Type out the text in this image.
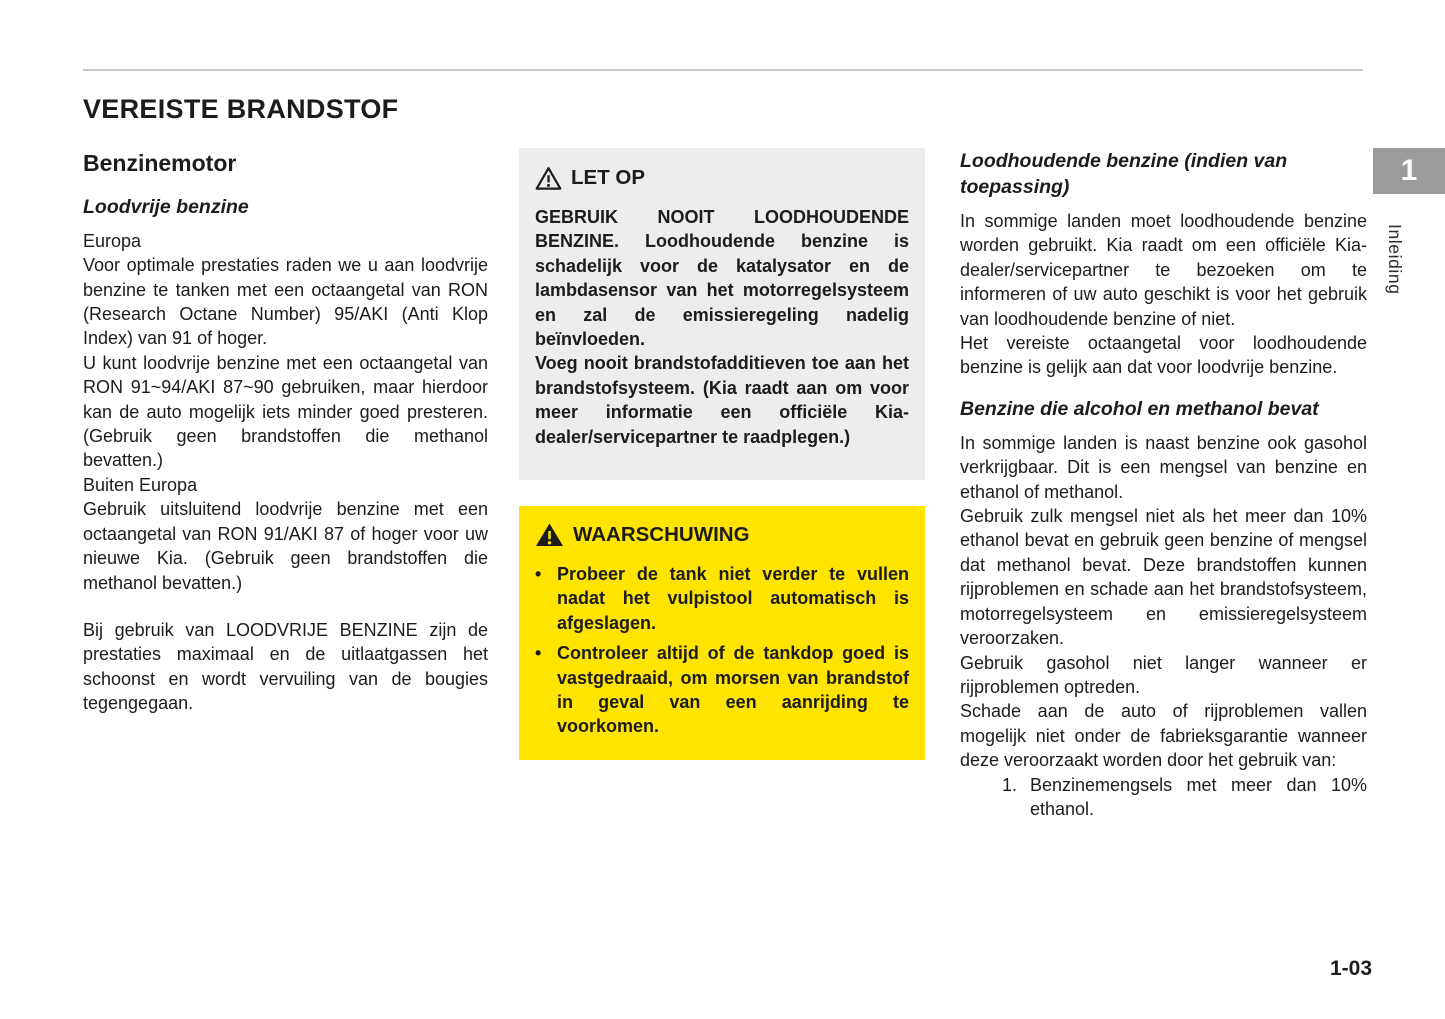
VEREISTE BRANDSTOF
Benzinemotor
Loodvrije benzine

Europa

Voor optimale prestaties raden we u aan loodvrije benzine te tanken met een octaangetal van RON (Research Octane Number) 95/AKI (Anti Klop Index) van 91 of hoger.

U kunt loodvrije benzine met een octaangetal van RON 91~94/AKI 87~90 gebruiken, maar hierdoor kan de auto mogelijk iets minder goed presteren. (Gebruik geen brandstoffen die methanol bevatten.)

Buiten Europa

Gebruik uitsluitend loodvrije benzine met een octaangetal van RON 91/AKI 87 of hoger voor uw nieuwe Kia. (Gebruik geen brandstoffen die methanol bevatten.)

Bij gebruik van LOODVRIJE BENZINE zijn de prestaties maximaal en de uitlaatgassen het schoonst en wordt vervuiling van de bougies tegengegaan.

LET OP

GEBRUIK NOOIT LOODHOUDENDE BENZINE. Loodhoudende benzine is schadelijk voor de katalysator en de lambdasensor van het motorregelsysteem en zal de emissieregeling nadelig beïnvloeden.

Voeg nooit brandstofadditieven toe aan het brandstofsysteem. (Kia raadt aan om voor meer informatie een officiële Kia-dealer/servicepartner te raadplegen.)

WAARSCHUWING
• Probeer de tank niet verder te vullen nadat het vulpistool automatisch is afgeslagen.
• Controleer altijd of de tankdop goed is vastgedraaid, om morsen van brandstof in geval van een aanrijding te voorkomen.
Loodhoudende benzine (indien van toepassing)

In sommige landen moet loodhoudende benzine worden gebruikt. Kia raadt om een officiële Kia-dealer/servicepartner te bezoeken om te informeren of uw auto geschikt is voor het gebruik van loodhoudende benzine of niet.

Het vereiste octaangetal voor loodhoudende benzine is gelijk aan dat voor loodvrije benzine.

Benzine die alcohol en methanol bevat

In sommige landen is naast benzine ook gasohol verkrijgbaar. Dit is een mengsel van benzine en ethanol of methanol.

Gebruik zulk mengsel niet als het meer dan 10% ethanol bevat en gebruik geen benzine of mengsel dat methanol bevat. Deze brandstoffen kunnen rijproblemen en schade aan het brandstofsysteem, motorregelsysteem en emissieregelsysteem veroorzaken.

Gebruik gasohol niet langer wanneer er rijproblemen optreden.

Schade aan de auto of rijproblemen vallen mogelijk niet onder de fabrieksgarantie wanneer deze veroorzaakt worden door het gebruik van:

1. Benzinemengsels met meer dan 10% ethanol.
1
Inleiding
1-03
